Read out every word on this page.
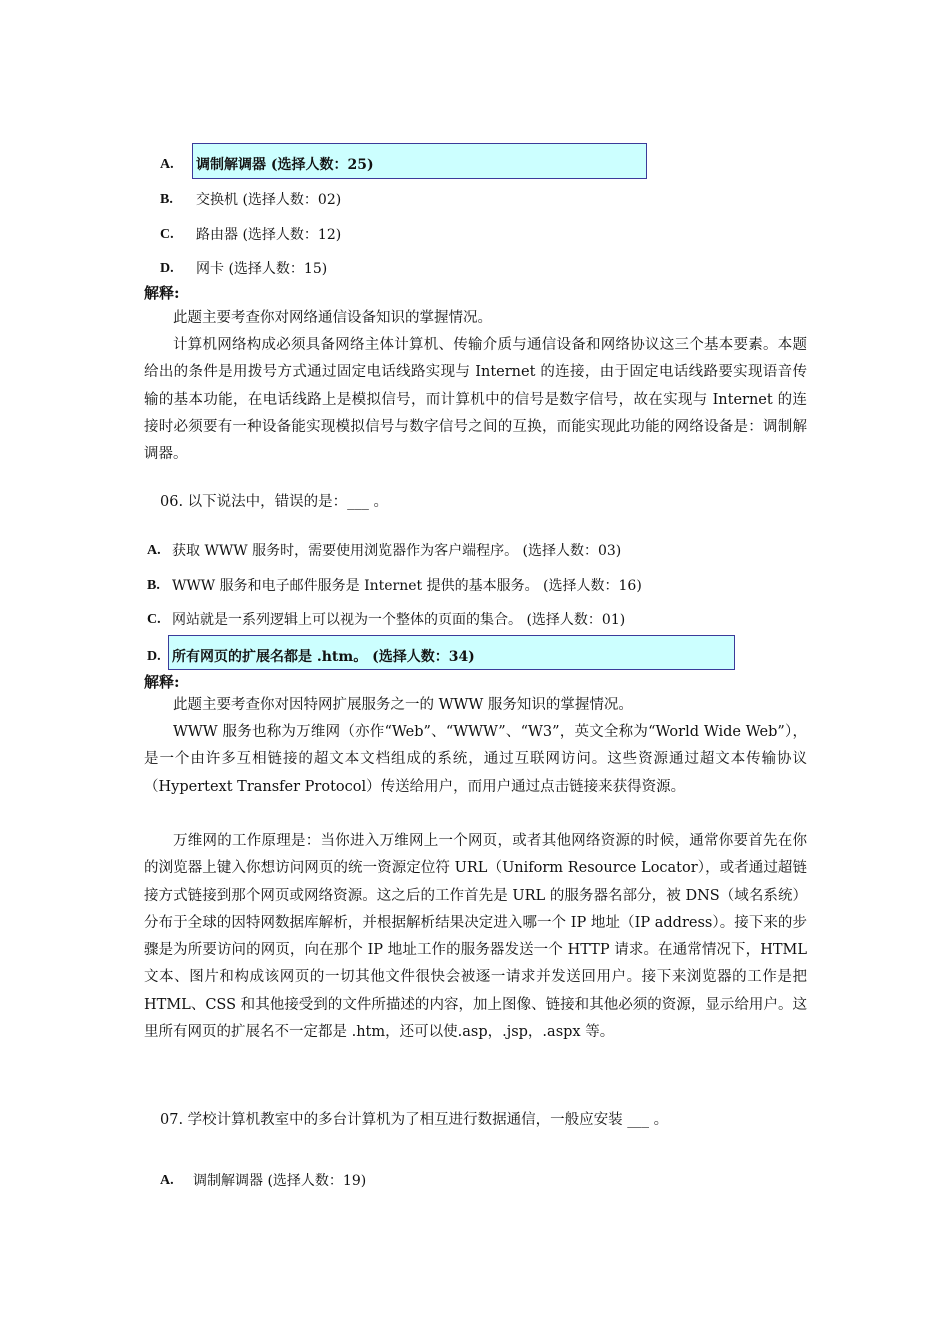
A. 调制解调器 (选择人数：25)
B. 交换机 (选择人数：02)
C. 路由器 (选择人数：12)
D. 网卡 (选择人数：15)
解释:

此题主要考查你对网络通信设备知识的掌握情况。

计算机网络构成必须具备网络主体计算机、传输介质与通信设备和网络协议这三个基本要素。本题给出的条件是用拨号方式通过固定电话线路实现与 Internet 的连接，由于固定电话线路要实现语音传输的基本功能，在电话线路上是模拟信号，而计算机中的信号是数字信号，故在实现与 Internet 的连接时必须要有一种设备能实现模拟信号与数字信号之间的互换，而能实现此功能的网络设备是：调制解调器。

06. 以下说法中，错误的是：___ 。
A. 获取 WWW 服务时，需要使用浏览器作为客户端程序。 (选择人数：03)
B. WWW 服务和电子邮件服务是 Internet 提供的基本服务。 (选择人数：16)
C. 网站就是一系列逻辑上可以视为一个整体的页面的集合。 (选择人数：01)
D. 所有网页的扩展名都是 .htm。 (选择人数：34)
解释:

此题主要考查你对因特网扩展服务之一的 WWW 服务知识的掌握情况。

WWW 服务也称为万维网（亦作“Web”、“WWW”、“W3”，英文全称为“World Wide Web”），是一个由许多互相链接的超文本文档组成的系统，通过互联网访问。这些资源通过超文本传输协议（Hypertext Transfer Protocol）传送给用户，而用户通过点击链接来获得资源。

万维网的工作原理是：当你进入万维网上一个网页，或者其他网络资源的时候，通常你要首先在你的浏览器上键入你想访问网页的统一资源定位符 URL（Uniform Resource Locator），或者通过超链接方式链接到那个网页或网络资源。这之后的工作首先是 URL 的服务器名部分，被 DNS（域名系统）分布于全球的因特网数据库解析，并根据解析结果决定进入哪一个 IP 地址（IP address）。接下来的步骤是为所要访问的网页，向在那个 IP 地址工作的服务器发送一个 HTTP 请求。在通常情况下，HTML 文本、图片和构成该网页的一切其他文件很快会被逐一请求并发送回用户。接下来浏览器的工作是把 HTML、CSS 和其他接受到的文件所描述的内容，加上图像、链接和其他必须的资源，显示给用户。这里所有网页的扩展名不一定都是 .htm，还可以使.asp，.jsp，.aspx 等。

07. 学校计算机教室中的多台计算机为了相互进行数据通信，一般应安装 ___ 。
A. 调制解调器 (选择人数：19)
